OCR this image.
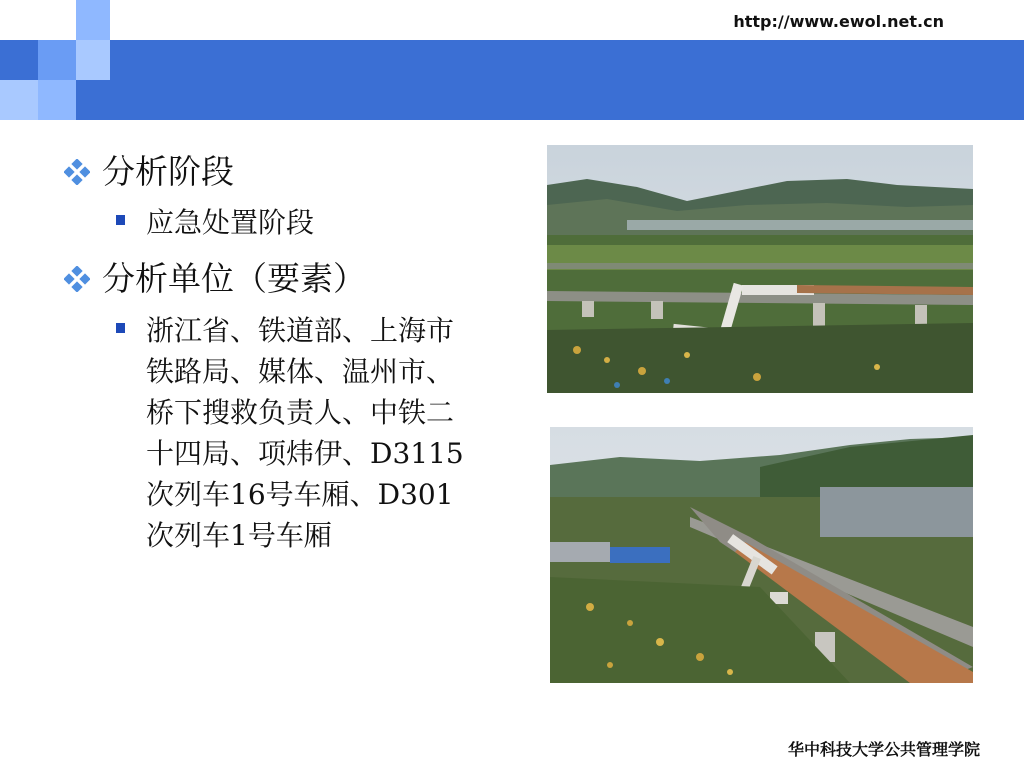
http://www.ewol.net.cn
分析阶段
应急处置阶段
分析单位（要素）
浙江省、铁道部、上海市铁路局、媒体、温州市、桥下搜救负责人、中铁二十四局、项炜伊、D3115次列车16号车厢、D301次列车1号车厢
华中科技大学公共管理学院
